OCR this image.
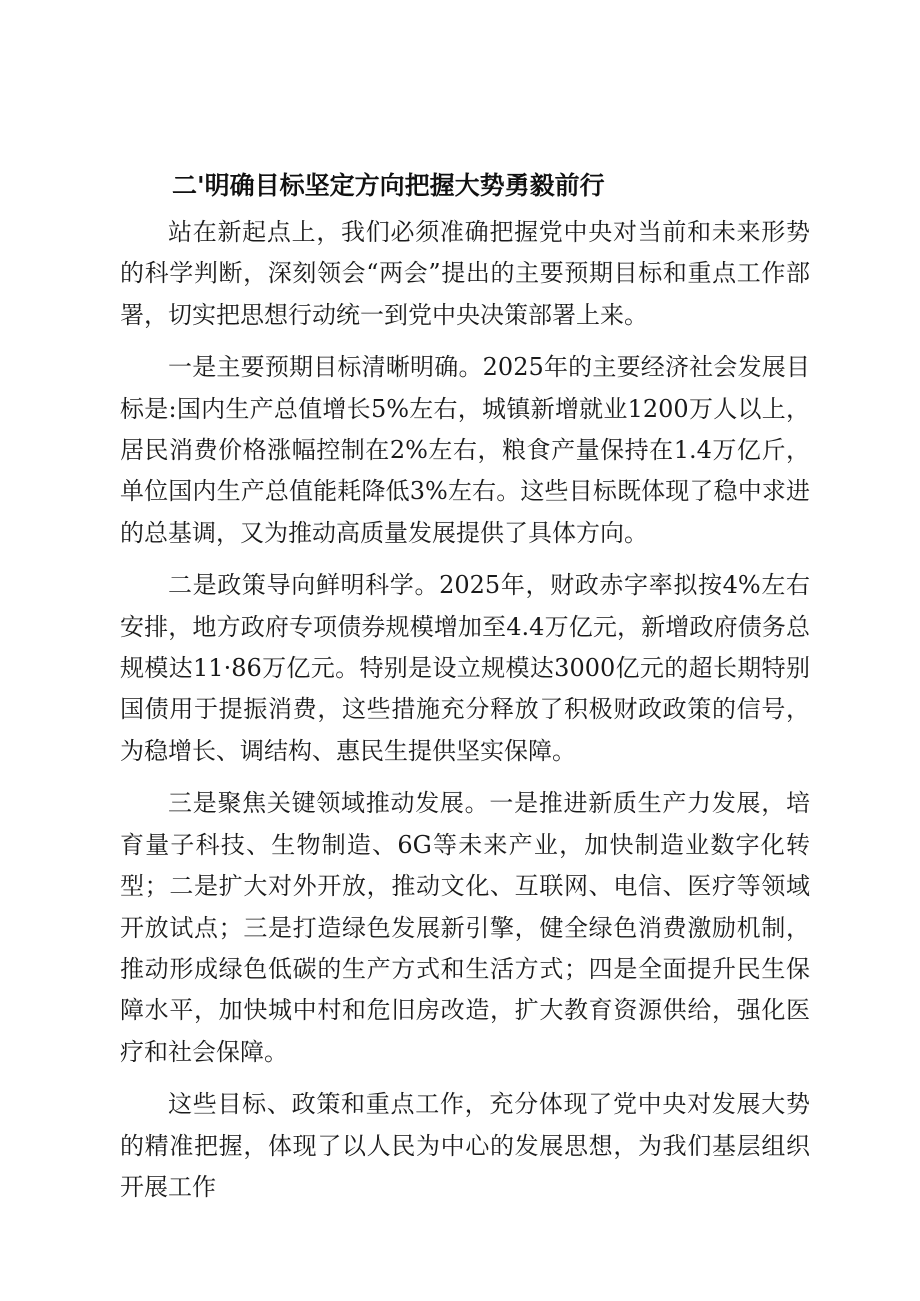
二'明确目标坚定方向把握大势勇毅前行

站在新起点上，我们必须准确把握党中央对当前和未来形势的科学判断，深刻领会“两会”提出的主要预期目标和重点工作部署，切实把思想行动统一到党中央决策部署上来。

一是主要预期目标清晰明确。2025年的主要经济社会发展目标是:国内生产总值增长5%左右，城镇新增就业1200万人以上，居民消费价格涨幅控制在2%左右，粮食产量保持在1.4万亿斤，单位国内生产总值能耗降低3%左右。这些目标既体现了稳中求进的总基调，又为推动高质量发展提供了具体方向。

二是政策导向鲜明科学。2025年，财政赤字率拟按4%左右安排，地方政府专项债券规模增加至4.4万亿元，新增政府债务总规模达11·86万亿元。特别是设立规模达3000亿元的超长期特别国债用于提振消费，这些措施充分释放了积极财政政策的信号，为稳增长、调结构、惠民生提供坚实保障。

三是聚焦关键领域推动发展。一是推进新质生产力发展，培育量子科技、生物制造、6G等未来产业，加快制造业数字化转型；二是扩大对外开放，推动文化、互联网、电信、医疗等领域开放试点；三是打造绿色发展新引擎，健全绿色消费激励机制，推动形成绿色低碳的生产方式和生活方式；四是全面提升民生保障水平，加快城中村和危旧房改造，扩大教育资源供给，强化医疗和社会保障。

这些目标、政策和重点工作，充分体现了党中央对发展大势的精准把握，体现了以人民为中心的发展思想，为我们基层组织开展工作
